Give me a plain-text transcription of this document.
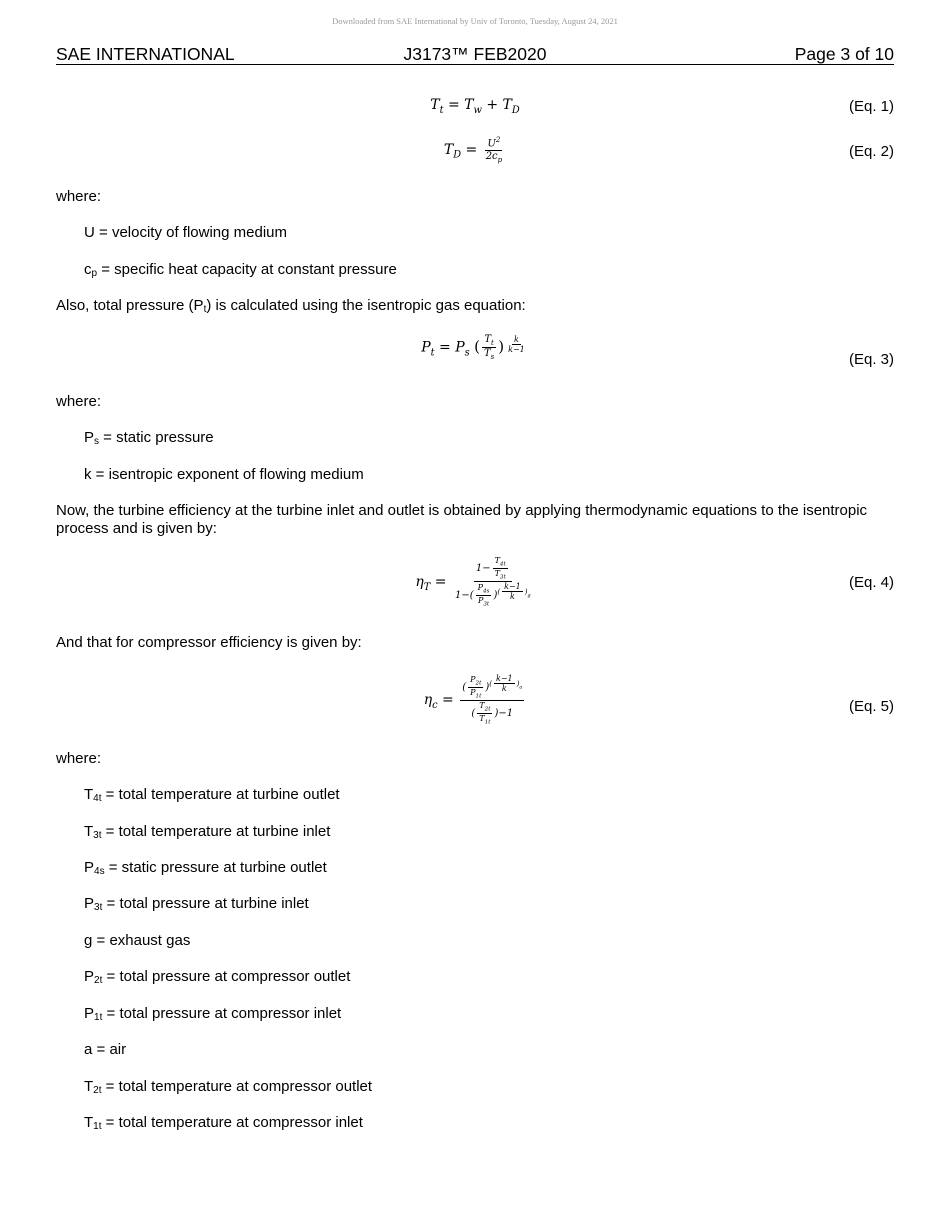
Downloaded from SAE International by Univ of Toronto, Tuesday, August 24, 2021
SAE INTERNATIONAL	J3173™ FEB2020	Page 3 of 10
$T_t = T_w + T_D$	(Eq. 1)
$T_D = \frac{U^2}{2c_p}$	(Eq. 2)
where:
U = velocity of flowing medium
$c_p$ = specific heat capacity at constant pressure
Also, total pressure $(P_t)$ is calculated using the isentropic gas equation:
$P_t = P_s$ ( $\frac{T_t}{T_s}$ ) $^{\frac{k}{k-1}}$
(Eq. 3)
where:
$P_s$ = static pressure
k = isentropic exponent of flowing medium
Now, the turbine efficiency at the turbine inlet and outlet is obtained by applying thermodynamic equations to the isentropic process and is given by:
$\eta_T = 1- \frac{T_{4t}}{T_{3t}}$
$1-( \frac{P_{4s}}{P_{3t}} )^{( \frac{k-1}{k} )_g}$	(Eq. 4)
And that for compressor efficiency is given by:
$\eta_c$ = ( $\frac{P_{2t}}{P_{1t}} )^{( \frac{k-1}{k} )_a}$
( $\frac{T_{2t}}{T_{1t}} )-1$	(Eq. 5)
where:
$T_{4t}$ = total temperature at turbine outlet
$T_{3t}$ = total temperature at turbine inlet
$P_{4s}$ = static pressure at turbine outlet
$P_{3t}$ = total pressure at turbine inlet
g = exhaust gas
$P_{2t}$ = total pressure at compressor outlet
$P_{1t}$ = total pressure at compressor inlet
a = air
$T_{2t}$ = total temperature at compressor outlet
$T_{1t}$ = total temperature at compressor inlet
